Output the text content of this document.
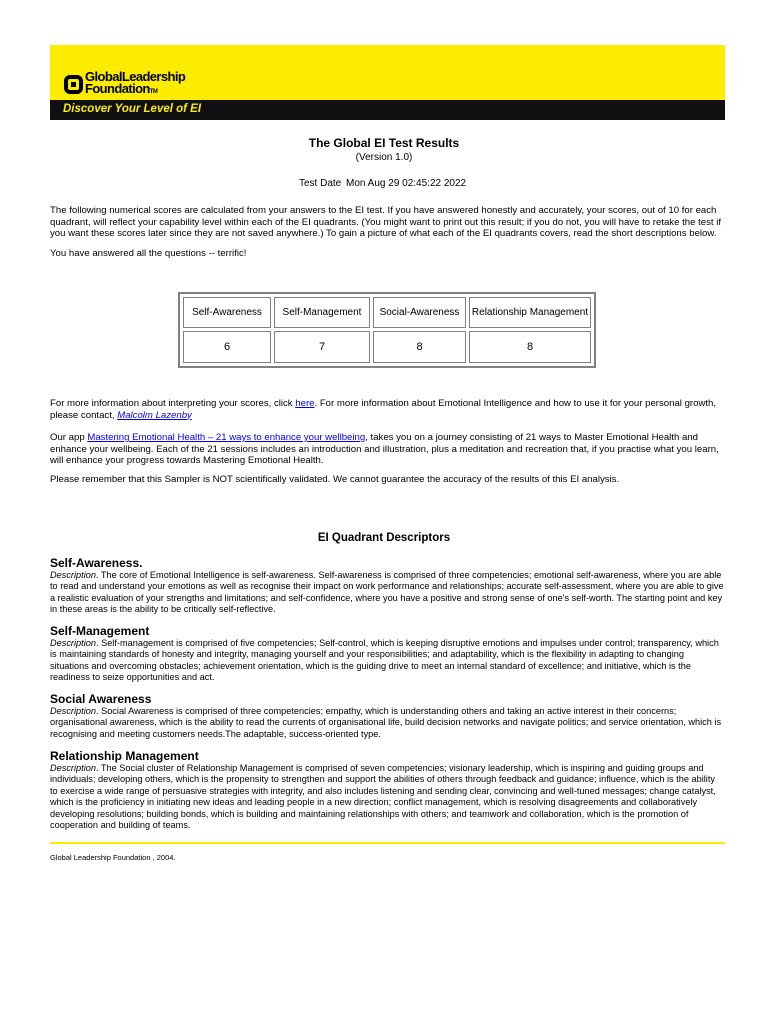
GlobalLeadership
FoundationTM
Discover Your Level of EI
The Global EI Test Results
(Version 1.0)
Test Date Mon Aug 29 02:45:22 2022

The following numerical scores are calculated from your answers to the EI test. If you have answered honestly and accurately, your scores, out of 10 for each quadrant, will reflect your capability level within each of the EI quadrants. (You might want to print out this result; if you do not, you will have to retake the test if you want these scores later since they are not saved anywhere.) To gain a picture of what each of the EI quadrants covers, read the short descriptions below.

You have answered all the questions -- terrific!

Self-Awareness	Self-Management	Social-Awareness	Relationship Management
6	7	8	8

For more information about interpreting your scores, click here. For more information about Emotional Intelligence and how to use it for your personal growth, please contact, Malcolm Lazenby

Our app Mastering Emotional Health – 21 ways to enhance your wellbeing, takes you on a journey consisting of 21 ways to Master Emotional Health and enhance your wellbeing. Each of the 21 sessions includes an introduction and illustration, plus a meditation and recreation that, if you practise what you learn, will enhance your progress towards Mastering Emotional Health.

Please remember that this Sampler is NOT scientifically validated. We cannot guarantee the accuracy of the results of this EI analysis.

EI Quadrant Descriptors
Self-Awareness.

Description. The core of Emotional Intelligence is self-awareness. Self-awareness is comprised of three competencies; emotional self-awareness, where you are able to read and understand your emotions as well as recognise their impact on work performance and relationships; accurate self-assessment, where you are able to give a realistic evaluation of your strengths and limitations; and self-confidence, where you have a positive and strong sense of one's self-worth. The starting point and key in these areas is the ability to be critically self-reflective.

Self-Management

Description. Self-management is comprised of five competencies; Self-control, which is keeping disruptive emotions and impulses under control; transparency, which is maintaining standards of honesty and integrity, managing yourself and your responsibilities; and adaptability, which is the flexibility in adapting to changing situations and overcoming obstacles; achievement orientation, which is the guiding drive to meet an internal standard of excellence; and initiative, which is the readiness to seize opportunities and act.

Social Awareness

Description. Social Awareness is comprised of three competencies; empathy, which is understanding others and taking an active interest in their concerns; organisational awareness, which is the ability to read the currents of organisational life, build decision networks and navigate politics; and service orientation, which is recognising and meeting customers needs.The adaptable, success-oriented type.

Relationship Management

Description. The Social cluster of Relationship Management is comprised of seven competencies; visionary leadership, which is inspiring and guiding groups and individuals; developing others, which is the propensity to strengthen and support the abilities of others through feedback and guidance; influence, which is the ability to exercise a wide range of persuasive strategies with integrity, and also includes listening and sending clear, convincing and well-tuned messages; change catalyst, which is the proficiency in initiating new ideas and leading people in a new direction; conflict management, which is resolving disagreements and collaboratively developing resolutions; building bonds, which is building and maintaining relationships with others; and teamwork and collaboration, which is the promotion of cooperation and building of teams.

Global Leadership Foundation , 2004.
